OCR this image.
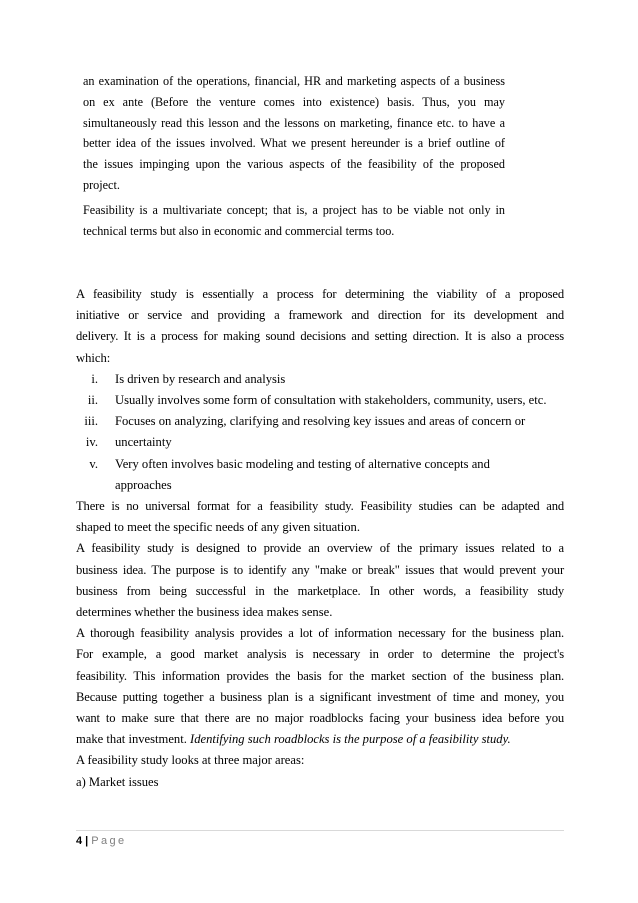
an examination of the operations, financial, HR and marketing aspects of a business

on ex ante (Before the venture comes into existence) basis. Thus, you may

simultaneously read this lesson and the lessons on marketing, finance etc. to have a

better idea of the issues involved. What we present hereunder is a brief outline of

the issues impinging upon the various aspects of the feasibility of the proposed

project.

Feasibility is a multivariate concept; that is, a project has to be viable not only in

technical terms but also in economic and commercial terms too.

A feasibility study is essentially a process for determining the viability of a proposed

initiative or service and providing a framework and direction for its development and

delivery. It is a process for making sound decisions and setting direction. It is also a process

which:

i. Is driven by research and analysis
ii. Usually involves some form of consultation with stakeholders, community, users, etc.
iii. Focuses on analyzing, clarifying and resolving key issues and areas of concern or
iv. uncertainty
v. Very often involves basic modeling and testing of alternative concepts and
approaches

There is no universal format for a feasibility study. Feasibility studies can be adapted and

shaped to meet the specific needs of any given situation.

A feasibility study is designed to provide an overview of the primary issues related to a

business idea. The purpose is to identify any "make or break" issues that would prevent your

business from being successful in the marketplace. In other words, a feasibility study

determines whether the business idea makes sense.

A thorough feasibility analysis provides a lot of information necessary for the business plan.

For example, a good market analysis is necessary in order to determine the project's

feasibility. This information provides the basis for the market section of the business plan.

Because putting together a business plan is a significant investment of time and money, you

want to make sure that there are no major roadblocks facing your business idea before you

make that investment. Identifying such roadblocks is the purpose of a feasibility study.

A feasibility study looks at three major areas:

a) Market issues

4 | Page
